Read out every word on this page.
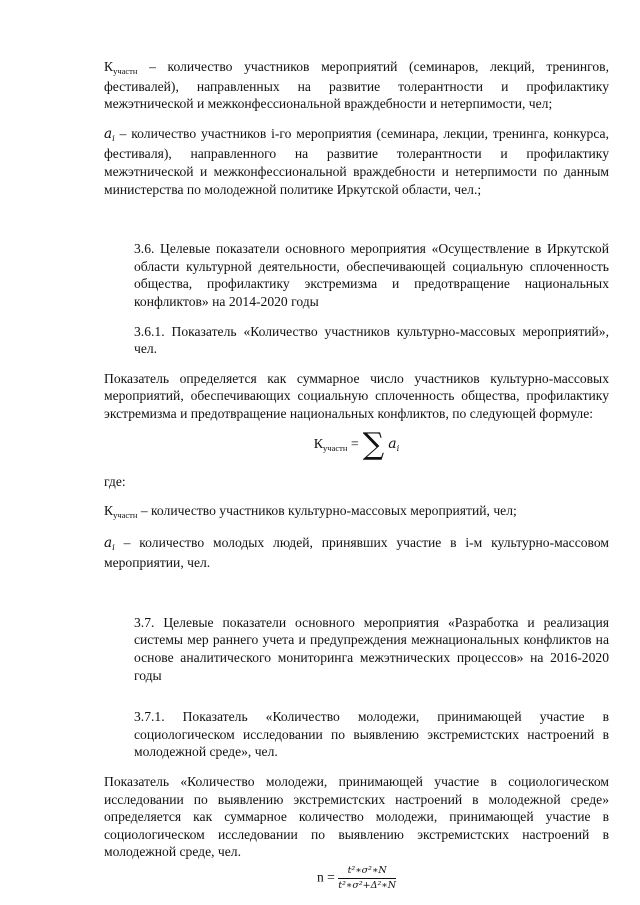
$К_{участн}$ – количество участников мероприятий (семинаров, лекций, тренингов, фестивалей), направленных на развитие толерантности и профилактику межэтнической и межконфессиональной враждебности и нетерпимости, чел;

$a_i$ – количество участников i-го мероприятия (семинара, лекции, тренинга, конкурса, фестиваля), направленного на развитие толерантности и профилактику межэтнической и межконфессиональной враждебности и нетерпимости по данным министерства по молодежной политике Иркутской области, чел.;

3.6. Целевые показатели основного мероприятия «Осуществление в Иркутской области культурной деятельности, обеспечивающей социальную сплоченность общества, профилактику экстремизма и предотвращение национальных конфликтов» на 2014-2020 годы

3.6.1. Показатель «Количество участников культурно-массовых мероприятий», чел.

Показатель определяется как суммарное число участников культурно-массовых мероприятий, обеспечивающих социальную сплоченность общества, профилактику экстремизма и предотвращение национальных конфликтов, по следующей формуле:

$К_{участн}$ = ∑ $a_i$

где:

$К_{участн}$ – количество участников культурно-массовых мероприятий, чел;

$a_i$ – количество молодых людей, принявших участие в i-м культурно-массовом мероприятии, чел.

3.7. Целевые показатели основного мероприятия «Разработка и реализация системы мер раннего учета и предупреждения межнациональных конфликтов на основе аналитического мониторинга межэтнических процессов» на 2016-2020 годы

3.7.1. Показатель «Количество молодежи, принимающей участие в социологическом исследовании по выявлению экстремистских настроений в молодежной среде», чел.

Показатель «Количество молодежи, принимающей участие в социологическом исследовании по выявлению экстремистских настроений в молодежной среде» определяется как суммарное количество молодежи, принимающей участие в социологическом исследовании по выявлению экстремистских настроений в молодежной среде, чел.

$n = \frac{\text{t²∗σ²∗N}}{\text{t²∗σ²+Δ²∗N}}$
